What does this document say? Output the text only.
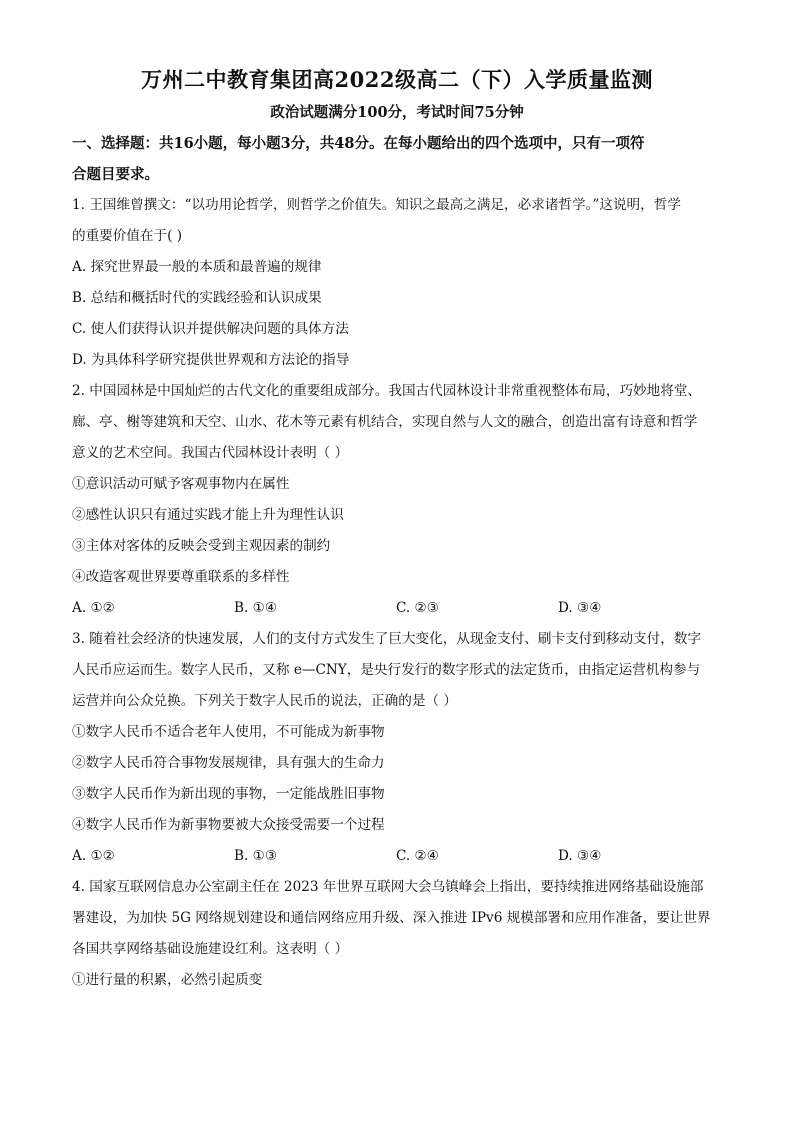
万州二中教育集团高2022级高二（下）入学质量监测

政治试题满分100分，考试时间75分钟

一、选择题：共16小题，每小题3分，共48分。在每小题给出的四个选项中，只有一项符

合题目要求。

1. 王国维曾撰文：“以功用论哲学，则哲学之价值失。知识之最高之满足，必求诸哲学。”这说明，哲学

的重要价值在于( )

A. 探究世界最一般的本质和最普遍的规律

B. 总结和概括时代的实践经验和认识成果

C. 使人们获得认识并提供解决问题的具体方法

D. 为具体科学研究提供世界观和方法论的指导

2. 中国园林是中国灿烂的古代文化的重要组成部分。我国古代园林设计非常重视整体布局，巧妙地将堂、

廊、亭、榭等建筑和天空、山水、花木等元素有机结合，实现自然与人文的融合，创造出富有诗意和哲学

意义的艺术空间。我国古代园林设计表明（ ）

①意识活动可赋予客观事物内在属性

②感性认识只有通过实践才能上升为理性认识

③主体对客体的反映会受到主观因素的制约

④改造客观世界要尊重联系的多样性

A. ①②	B. ①④	C. ②③	D. ③④

3. 随着社会经济的快速发展，人们的支付方式发生了巨大变化，从现金支付、刷卡支付到移动支付，数字

人民币应运而生。数字人民币，又称 e—CNY，是央行发行的数字形式的法定货币，由指定运营机构参与

运营并向公众兑换。下列关于数字人民币的说法，正确的是（ ）

①数字人民币不适合老年人使用，不可能成为新事物

②数字人民币符合事物发展规律，具有强大的生命力

③数字人民币作为新出现的事物，一定能战胜旧事物

④数字人民币作为新事物要被大众接受需要一个过程

A. ①②	B. ①③	C. ②④	D. ③④

4. 国家互联网信息办公室副主任在 2023 年世界互联网大会乌镇峰会上指出，要持续推进网络基础设施部

署建设，为加快 5G 网络规划建设和通信网络应用升级、深入推进 IPv6 规模部署和应用作准备，要让世界

各国共享网络基础设施建设红利。这表明（ ）

①进行量的积累，必然引起质变
